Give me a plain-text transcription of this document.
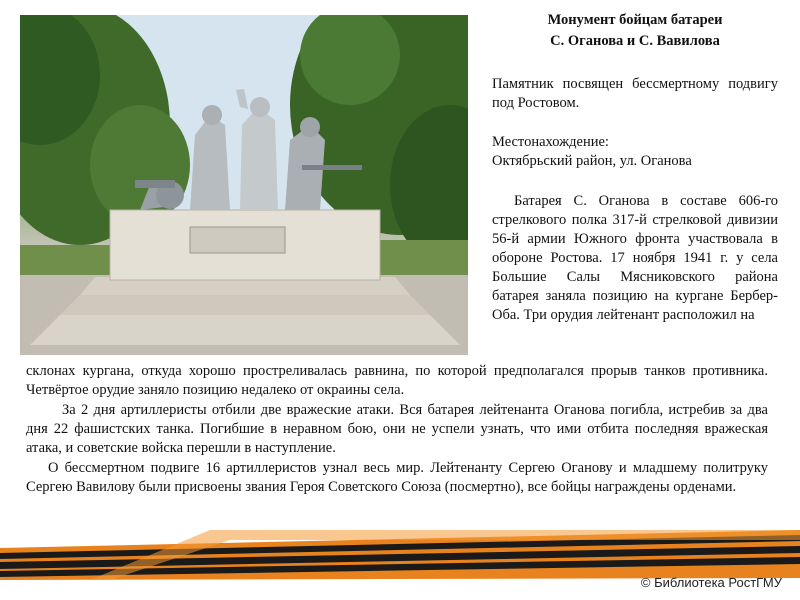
Монумент бойцам батареи
С. Оганова и С. Вавилова
Памятник посвящен бессмертному подвигу под Ростовом.
Местонахождение:
Октябрьский район, ул. Оганова
Батарея С. Оганова в составе 606-го стрелкового полка 317-й стрелковой дивизии 56-й армии Южного фронта участвовала в обороне Ростова. 17 ноября 1941 г. у села Большие Салы Мясниковского района батарея заняла позицию на кургане Бербер-Оба. Три орудия лейтенант расположил на
склонах кургана, откуда хорошо простреливалась равнина, по которой предполагался прорыв танков противника. Четвёртое орудие заняло позицию недалеко от окраины села.
За 2 дня артиллеристы отбили две вражеские атаки. Вся батарея лейтенанта Оганова погибла, истребив за два дня 22 фашистских танка. Погибшие в неравном бою, они не успели узнать, что ими отбита последняя вражеская атака, и советские войска перешли в наступление.
О бессмертном подвиге 16 артиллеристов узнал весь мир. Лейтенанту Сергею Оганову и младшему политруку Сергею Вавилову были присвоены звания Героя Советского Союза (посмертно), все бойцы награждены орденами.
© Библиотека РостГМУ
